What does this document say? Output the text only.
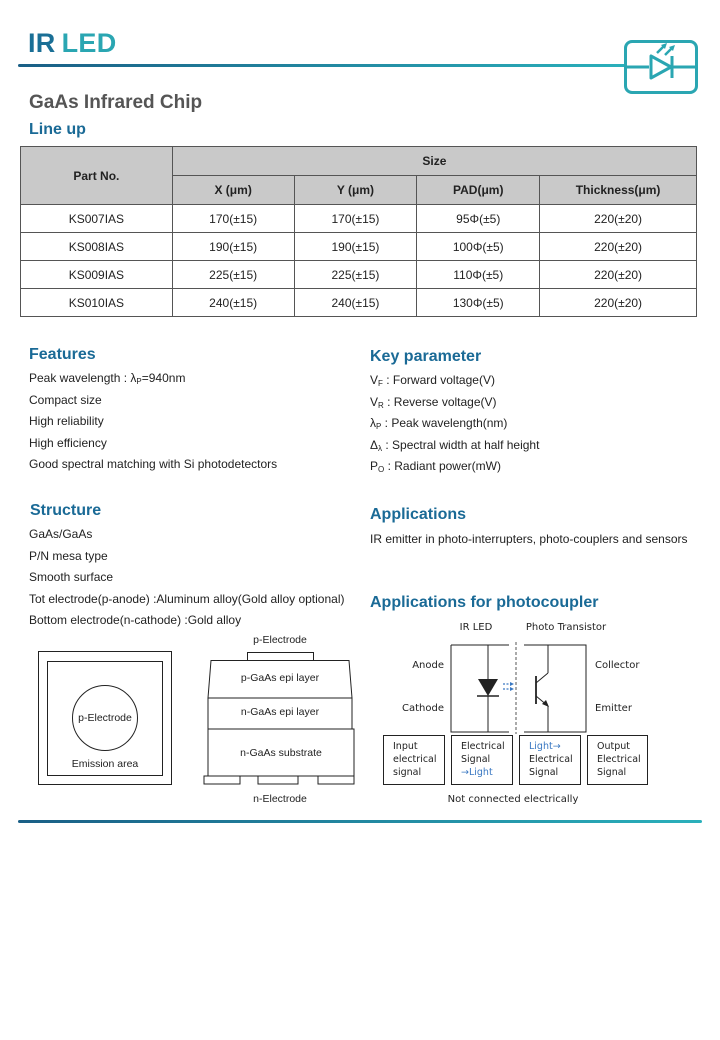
IR LED
GaAs Infrared Chip
Line up
Part No.	Size			
	X (μm)	Y (μm)	PAD(μm)	Thickness(μm)
KS007IAS	170(±15)	170(±15)	95Φ(±5)	220(±20)
KS008IAS	190(±15)	190(±15)	100Φ(±5)	220(±20)
KS009IAS	225(±15)	225(±15)	110Φ(±5)	220(±20)
KS010IAS	240(±15)	240(±15)	130Φ(±5)	220(±20)
Features
Peak wavelength : $\lambda_P=940nm$
Compact size
High reliability
High efficiency
Good spectral matching with Si photodetectors
Key parameter
$V_F$ : Forward voltage(V)
$V_R$ : Reverse voltage(V)
$\lambda_P$ : Peak wavelength(nm)
$\Delta_\lambda$ : Spectral width at half height
$P_O$ : Radiant power(mW)
Structure
GaAs/GaAs
P/N mesa type
Smooth surface
Tot electrode(p-anode) :Aluminum alloy(Gold alloy optional)
Bottom electrode(n-cathode) :Gold alloy
Applications
IR emitter in photo-interrupters, photo-couplers and sensors
p-Electrode
Emission area
p-Electrode
p-GaAs epi layer
n-GaAs epi layer
n-GaAs substrate
n-Electrode
Applications for photocoupler
IR LED	Photo Transistor
Anode
Cathode
Collector
Emitter
Input
electrical
signal
Electrical
Signal
→Light
Light→
Electrical
Signal
Output
Electrical
Signal
Not connected electrically
